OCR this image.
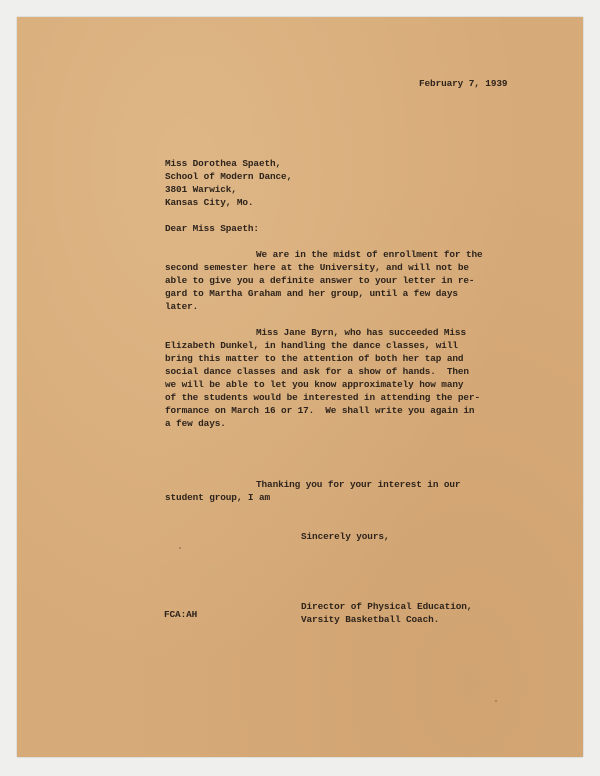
February 7, 1939
Miss Dorothea Spaeth,
School of Modern Dance,
3801 Warwick,
Kansas City, Mo.
Dear Miss Spaeth:
We are in the midst of enrollment for the
second semester here at the University, and will not be
able to give you a definite answer to your letter in re-
gard to Martha Graham and her group, until a few days
later.
Miss Jane Byrn, who has succeeded Miss
Elizabeth Dunkel, in handling the dance classes, will
bring this matter to the attention of both her tap and
social dance classes and ask for a show of hands.  Then
we will be able to let you know approximately how many
of the students would be interested in attending the per-
formance on March 16 or 17.  We shall write you again in
a few days.
Thanking you for your interest in our
student group, I am
Sincerely yours,
FCA:AH
Director of Physical Education,
Varsity Basketball Coach.
